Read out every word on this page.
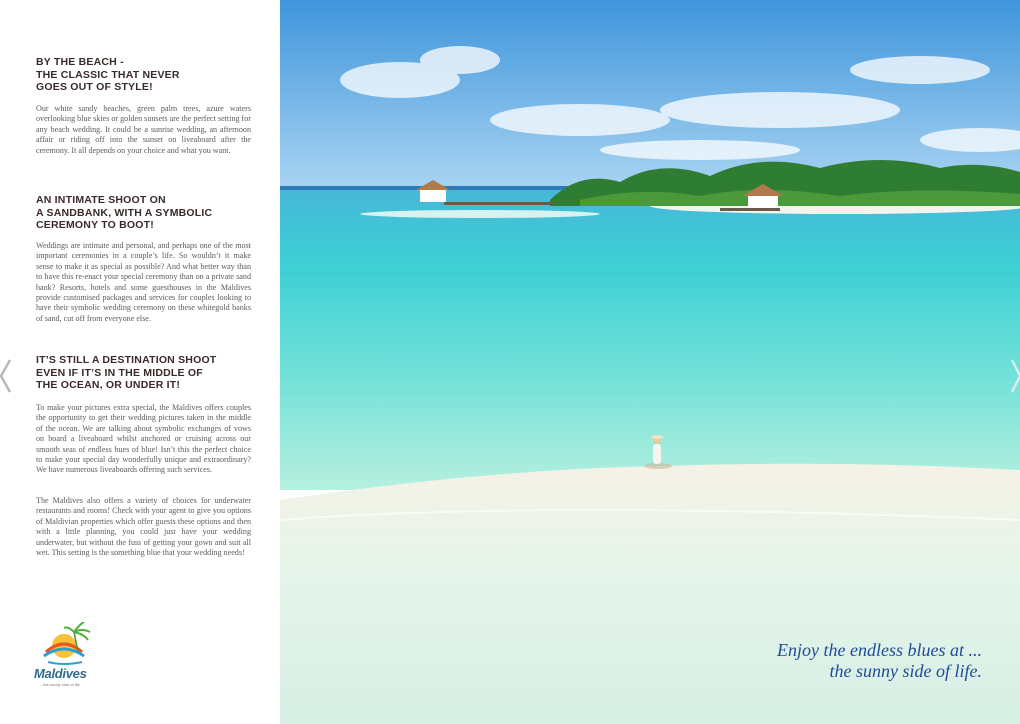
BY THE BEACH -
THE CLASSIC THAT NEVER
GOES OUT OF STYLE!
Our white sandy beaches, green palm trees, azure waters overlooking blue skies or golden sunsets are the perfect setting for any beach wedding. It could be a sunrise wedding, an afternoon affair or riding off into the sunset on liveaboard after the ceremony. It all depends on your choice and what you want.
AN INTIMATE SHOOT ON
A SANDBANK, WITH A SYMBOLIC
CEREMONY TO BOOT!
Weddings are intimate and personal, and perhaps one of the most important ceremonies in a couple’s life. So wouldn’t it make sense to make it as special as possible? And what better way than to have this re-enact your special ceremony than on a private sand bank? Resorts, hotels and some guesthouses in the Maldives provide customised packages and services for couples looking to have their symbolic wedding ceremony on these whitegold banks of sand, cut off from everyone else.
IT’S STILL A DESTINATION SHOOT
EVEN IF IT’S IN THE MIDDLE OF
THE OCEAN, OR UNDER IT!
To make your pictures extra special, the Maldives offers couples the opportunity to get their wedding pictures taken in the middle of the ocean. We are talking about symbolic exchanges of vows on board a liveaboard whilst anchored or cruising across our smooth seas of endless hues of blue! Isn’t this the perfect choice to make your special day wonderfully unique and extraordinary? We have numerous liveaboards offering such services.
The Maldives also offers a variety of choices for underwater restaurants and rooms! Check with your agent to give you options of Maldivian properties which offer guests these options and then with a little planning, you could just have your wedding underwater, but without the fuss of getting your gown and suit all wet. This setting is the something blue that your wedding needs!
Maldives
...the sunny side of life
Enjoy the endless blues at ...
the sunny side of life.
